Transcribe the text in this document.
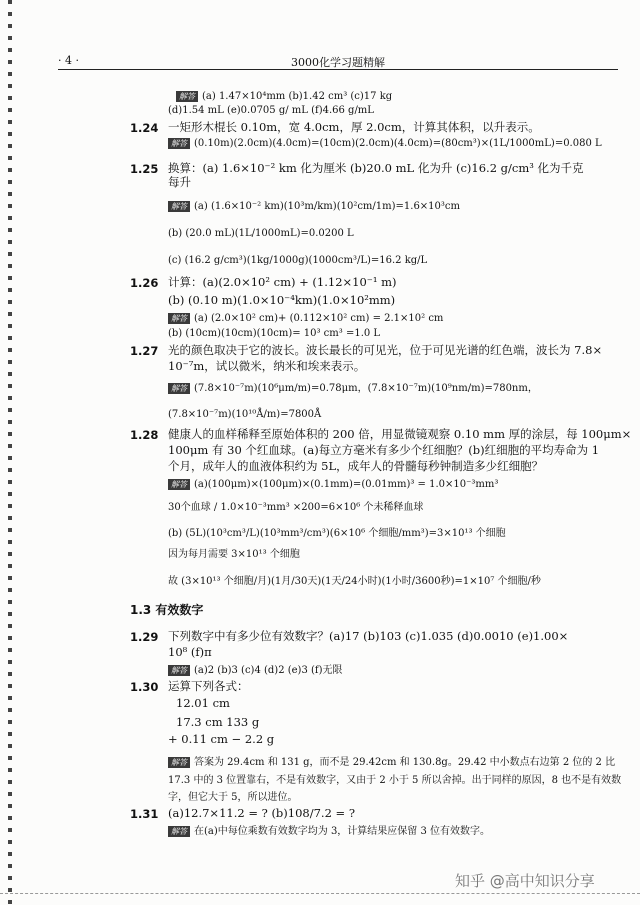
· 4 ·	3000化学习题精解
1.24
1.25
1.26
1.27
1.28
1.29
1.30
1.31
解答 (a) 1.47×10⁴mm (b)1.42 cm³ (c)17 kg
(d)1.54 mL (e)0.0705 g/ mL (f)4.66 g/mL
一矩形木棍长 0.10m，宽 4.0cm，厚 2.0cm，计算其体积，以升表示。
解答 (0.10m)(2.0cm)(4.0cm)=(10cm)(2.0cm)(4.0cm)=(80cm³)×(1L/1000mL)=0.080 L
换算：(a) 1.6×10⁻² km 化为厘米 (b)20.0 mL 化为升 (c)16.2 g/cm³ 化为千克
每升
解答 (a) (1.6×10⁻² km)(10³m/km)(10²cm/1m)=1.6×10³cm
(b) (20.0 mL)(1L/1000mL)=0.0200 L
(c) (16.2 g/cm³)(1kg/1000g)(1000cm³/L)=16.2 kg/L
计算：(a)(2.0×10² cm) + (1.12×10⁻¹ m)
(b) (0.10 m)(1.0×10⁻⁴km)(1.0×10²mm)
解答 (a) (2.0×10² cm)+ (0.112×10² cm) = 2.1×10² cm
(b) (10cm)(10cm)(10cm)= 10³ cm³ =1.0 L
光的颜色取决于它的波长。波长最长的可见光，位于可见光谱的红色端，波长为 7.8×
10⁻⁷m，试以微米，纳米和埃来表示。
解答 (7.8×10⁻⁷m)(10⁶μm/m)=0.78μm，(7.8×10⁻⁷m)(10⁹nm/m)=780nm，
(7.8×10⁻⁷m)(10¹⁰Å/m)=7800Å
健康人的血样稀释至原始体积的 200 倍，用显微镜观察 0.10 mm 厚的涂层，每 100μm×
100μm 有 30 个红血球。(a)每立方毫米有多少个红细胞？(b)红细胞的平均寿命为 1
个月，成年人的血液体积约为 5L，成年人的骨髓每秒钟制造多少红细胞？
解答 (a)(100μm)×(100μm)×(0.1mm)=(0.01mm)³ = 1.0×10⁻³mm³
30个血球 / 1.0×10⁻³mm³ ×200=6×10⁶ 个未稀释血球
(b) (5L)(10³cm³/L)(10³mm³/cm³)(6×10⁶ 个细胞/mm³)=3×10¹³ 个细胞
因为每月需要 3×10¹³ 个细胞
故 (3×10¹³ 个细胞/月)(1月/30天)(1天/24小时)(1小时/3600秒)=1×10⁷ 个细胞/秒
下列数字中有多少位有效数字？(a)17 (b)103 (c)1.035 (d)0.0010 (e)1.00×
10⁸ (f)π
解答 (a)2 (b)3 (c)4 (d)2 (e)3 (f)无限
运算下列各式：
12.01 cm
17.3 cm 133 g
+ 0.11 cm − 2.2 g
解答 答案为 29.4cm 和 131 g，而不是 29.42cm 和 130.8g。29.42 中小数点右边第 2 位的 2 比
17.3 中的 3 位置靠右，不是有效数字，又由于 2 小于 5 所以舍掉。出于同样的原因，8 也不是有效数
字，但它大于 5，所以进位。
(a)12.7×11.2 = ? (b)108/7.2 = ?
解答 在(a)中每位乘数有效数字均为 3，计算结果应保留 3 位有效数字。
1.3 有效数字
知乎 @高中知识分享
